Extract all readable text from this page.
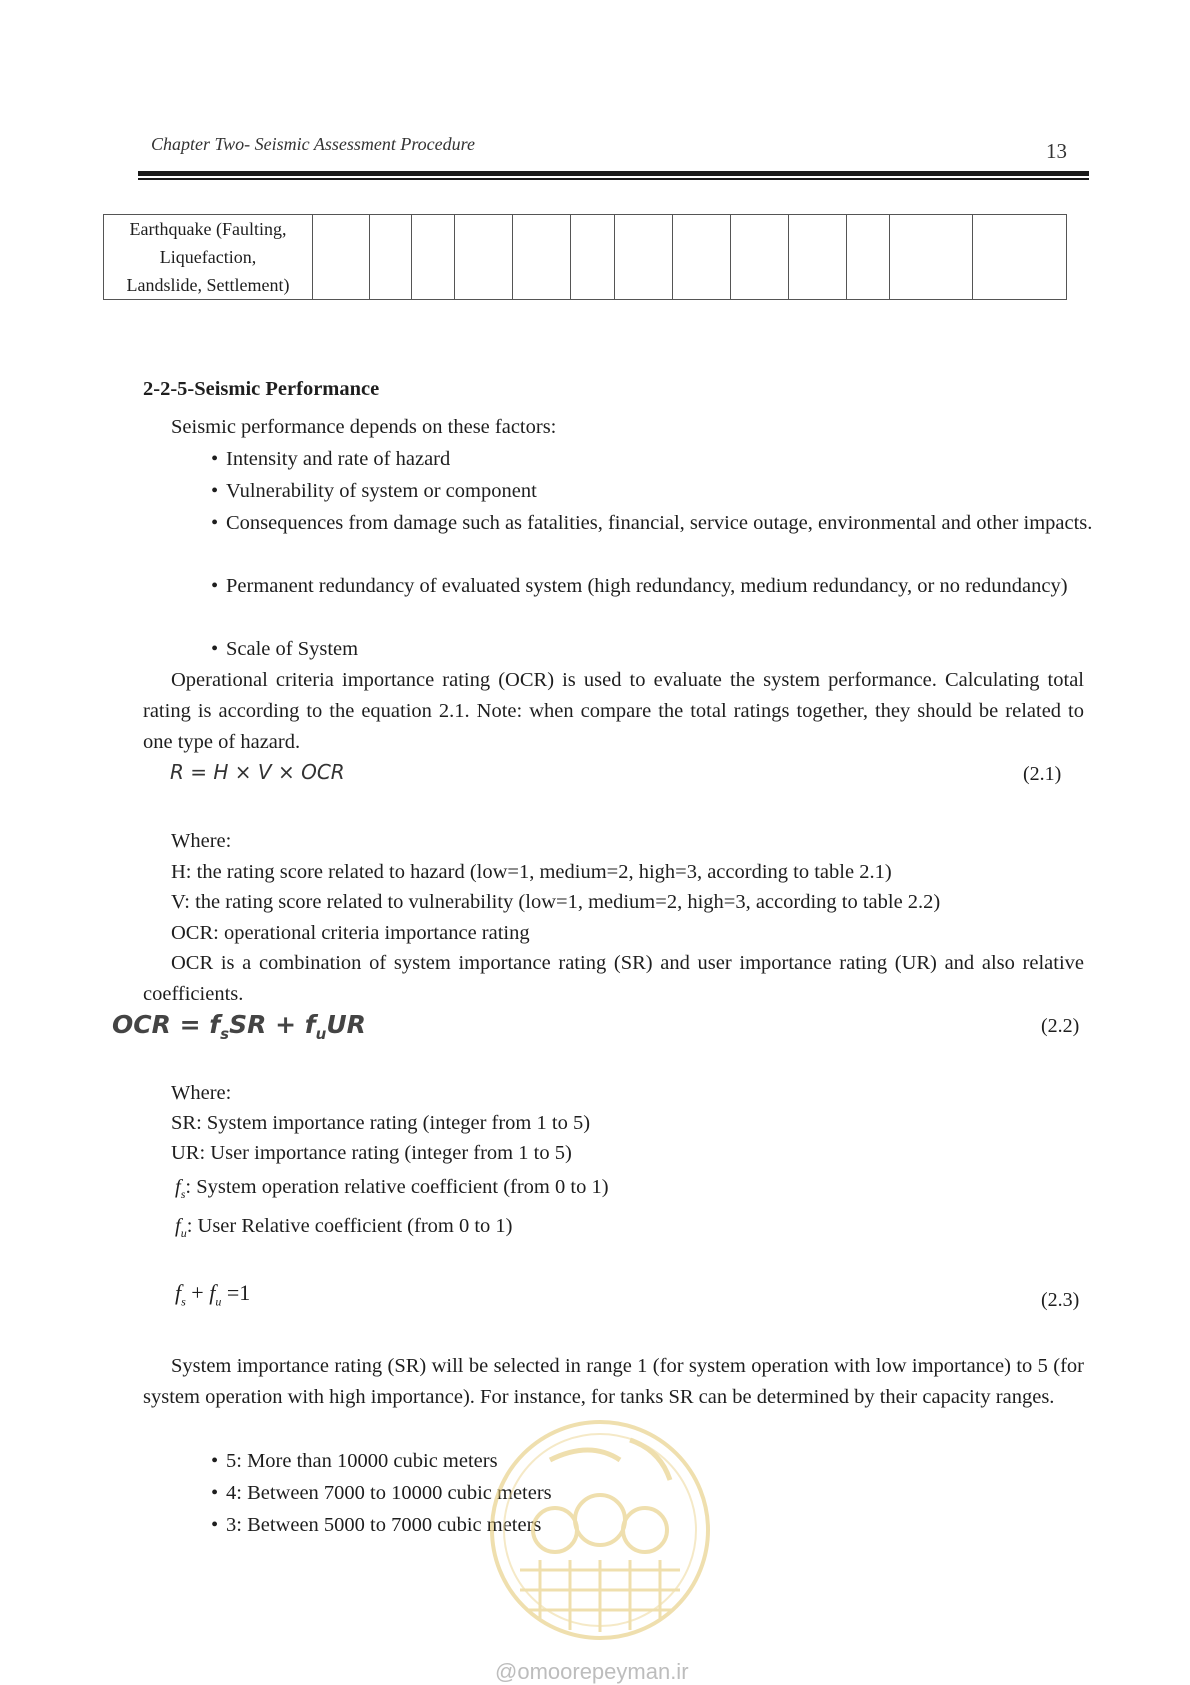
Chapter Two- Seismic Assessment Procedure	13
Earthquake (Faulting,
Liquefaction,
Landslide, Settlement)

2-2-5-Seismic Performance
Seismic performance depends on these factors:
• Intensity and rate of hazard
• Vulnerability of system or component
• Consequences from damage such as fatalities, financial, service outage, environmental and other impacts.
• Permanent redundancy of evaluated system (high redundancy, medium redundancy, or no redundancy)
• Scale of System
Operational criteria importance rating (OCR) is used to evaluate the system performance. Calculating total rating is according to the equation 2.1. Note: when compare the total ratings together, they should be related to one type of hazard.
R = H × V × OCR	(2.1)
Where:
H: the rating score related to hazard (low=1, medium=2, high=3, according to table 2.1)
V: the rating score related to vulnerability (low=1, medium=2, high=3, according to table 2.2)
OCR: operational criteria importance rating
OCR is a combination of system importance rating (SR) and user importance rating (UR) and also relative coefficients.
OCR = $f_sSR + f_uUR$	(2.2)
Where:
SR: System importance rating (integer from 1 to 5)
UR: User importance rating (integer from 1 to 5)
$f_s$: System operation relative coefficient (from 0 to 1)
$f_u$: User Relative coefficient (from 0 to 1)
$f_s + f_u =1$	(2.3)
System importance rating (SR) will be selected in range 1 (for system operation with low importance) to 5 (for system operation with high importance). For instance, for tanks SR can be determined by their capacity ranges.
• 5: More than 10000 cubic meters
• 4: Between 7000 to 10000 cubic meters
• 3: Between 5000 to 7000 cubic meters
@omoorepeyman.ir
